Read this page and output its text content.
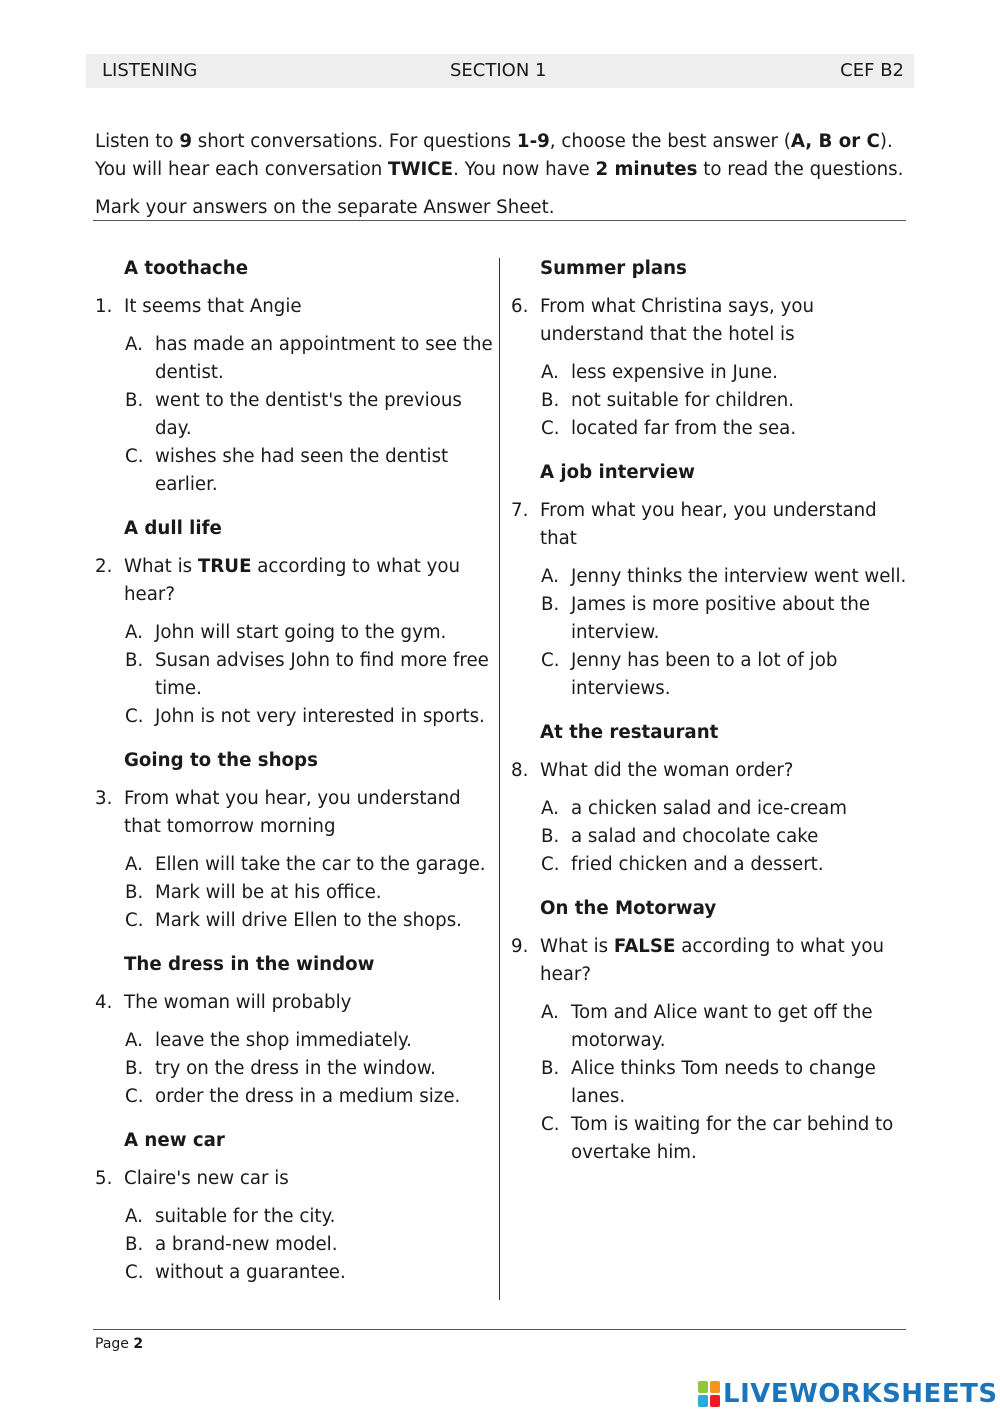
LISTENING	SECTION 1	CEF B2

Listen to 9 short conversations. For questions 1-9, choose the best answer (A, B or C).

You will hear each conversation TWICE. You now have 2 minutes to read the questions.

Mark your answers on the separate Answer Sheet.

A toothache
1. It seems that Angie
A. has made an appointment to see the dentist.
B. went to the dentist's the previous day.
C. wishes she had seen the dentist earlier.
A dull life
2. What is TRUE according to what you hear?
A. John will start going to the gym.
B. Susan advises John to find more free time.
C. John is not very interested in sports.
Going to the shops
3. From what you hear, you understand that tomorrow morning
A. Ellen will take the car to the garage.
B. Mark will be at his office.
C. Mark will drive Ellen to the shops.
The dress in the window
4. The woman will probably
A. leave the shop immediately.
B. try on the dress in the window.
C. order the dress in a medium size.
A new car
5. Claire's new car is
A. suitable for the city.
B. a brand-new model.
C. without a guarantee.
Summer plans
6. From what Christina says, you understand that the hotel is
A. less expensive in June.
B. not suitable for children.
C. located far from the sea.
A job interview
7. From what you hear, you understand that
A. Jenny thinks the interview went well.
B. James is more positive about the interview.
C. Jenny has been to a lot of job interviews.
At the restaurant
8. What did the woman order?
A. a chicken salad and ice-cream
B. a salad and chocolate cake
C. fried chicken and a dessert.
On the Motorway
9. What is FALSE according to what you hear?
A. Tom and Alice want to get off the motorway.
B. Alice thinks Tom needs to change lanes.
C. Tom is waiting for the car behind to overtake him.
Page 2
LIVEWORKSHEETS
